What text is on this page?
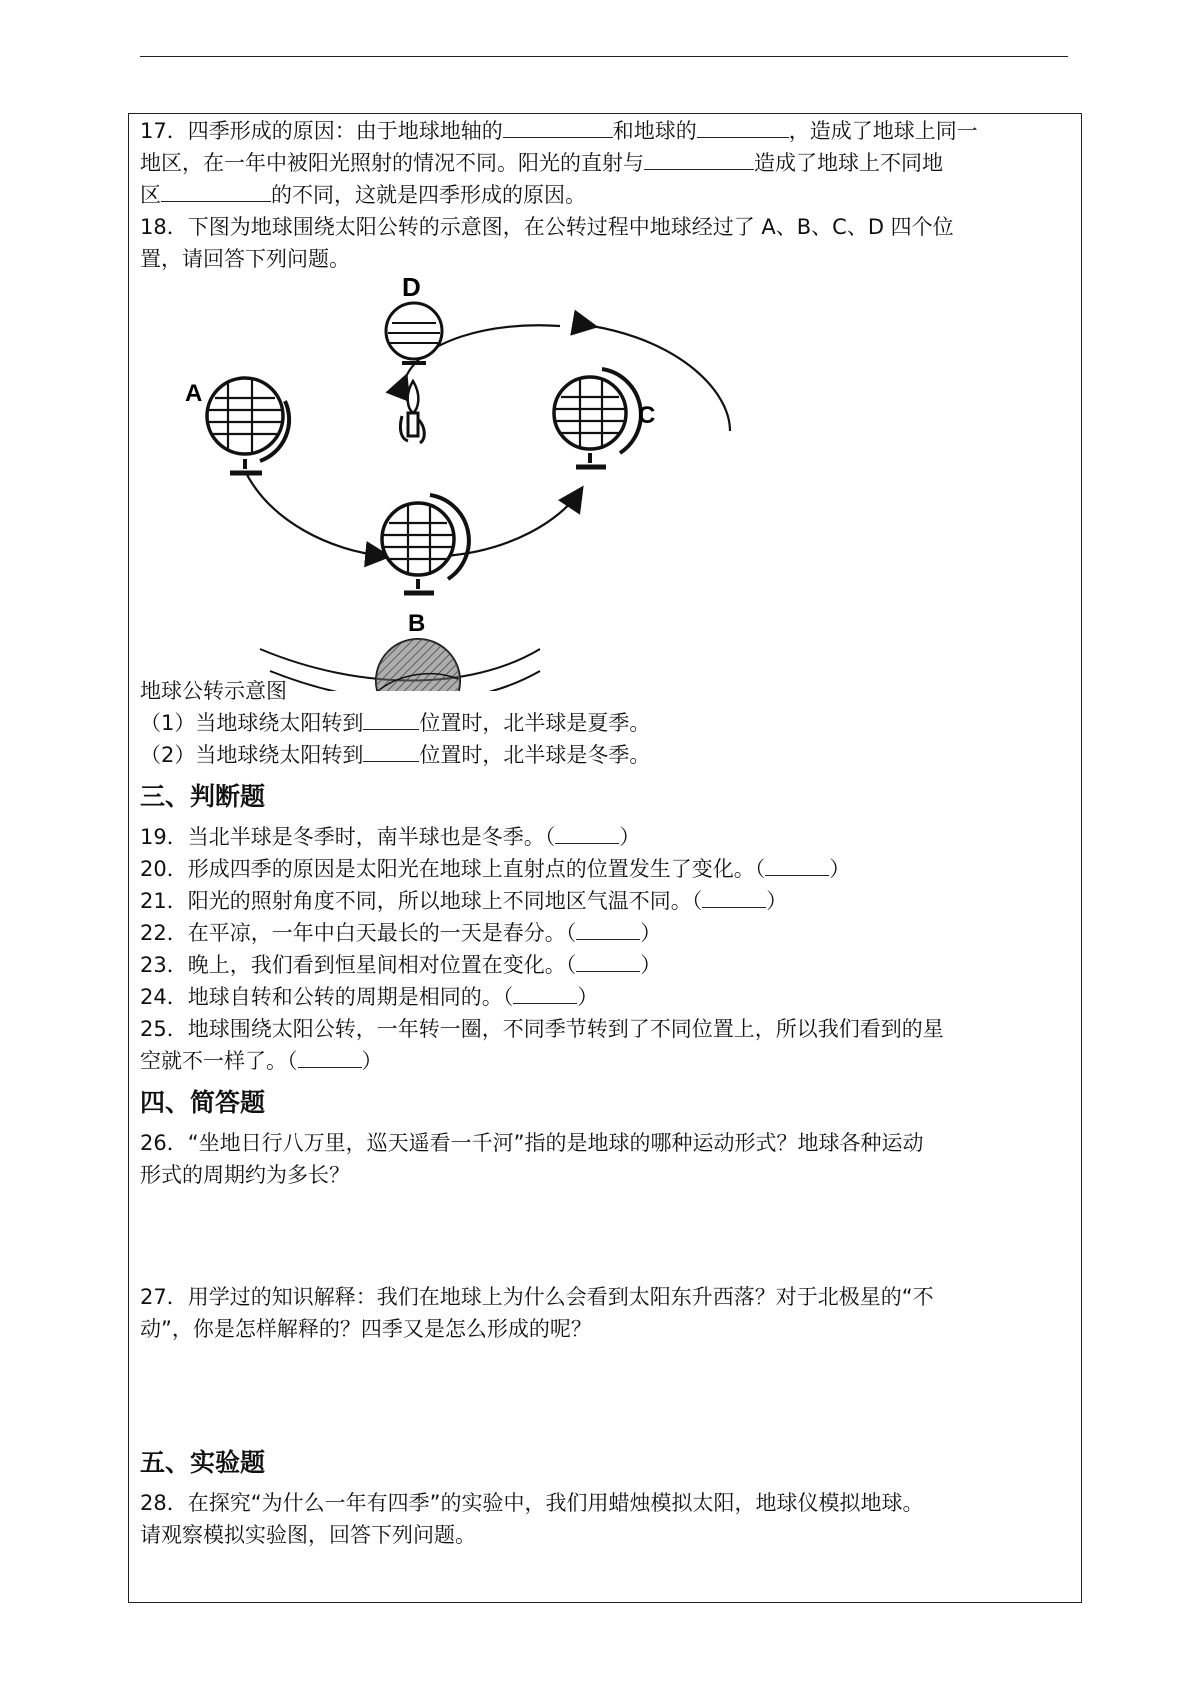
17．四季形成的原因：由于地球地轴的	和地球的	，造成了地球上同一

地区，在一年中被阳光照射的情况不同。阳光的直射与	造成了地球上不同地

区	的不同，这就是四季形成的原因。

18．下图为地球围绕太阳公转的示意图，在公转过程中地球经过了 A、B、C、D 四个位

置，请回答下列问题。

D
A
C
B

地球公转示意图

（1）当地球绕太阳转到	位置时，北半球是夏季。

（2）当地球绕太阳转到	位置时，北半球是冬季。

三、判断题

19．当北半球是冬季时，南半球也是冬季。（	）

20．形成四季的原因是太阳光在地球上直射点的位置发生了变化。（	）

21．阳光的照射角度不同，所以地球上不同地区气温不同。（	）

22．在平凉，一年中白天最长的一天是春分。（	）

23．晚上，我们看到恒星间相对位置在变化。（	）

24．地球自转和公转的周期是相同的。（	）

25．地球围绕太阳公转，一年转一圈，不同季节转到了不同位置上，所以我们看到的星

空就不一样了。（	）

四、简答题

26．“坐地日行八万里，巡天遥看一千河”指的是地球的哪种运动形式？地球各种运动

形式的周期约为多长？

27．用学过的知识解释：我们在地球上为什么会看到太阳东升西落？对于北极星的“不

动”，你是怎样解释的？四季又是怎么形成的呢？

五、实验题

28．在探究“为什么一年有四季”的实验中，我们用蜡烛模拟太阳，地球仪模拟地球。

请观察模拟实验图，回答下列问题。
